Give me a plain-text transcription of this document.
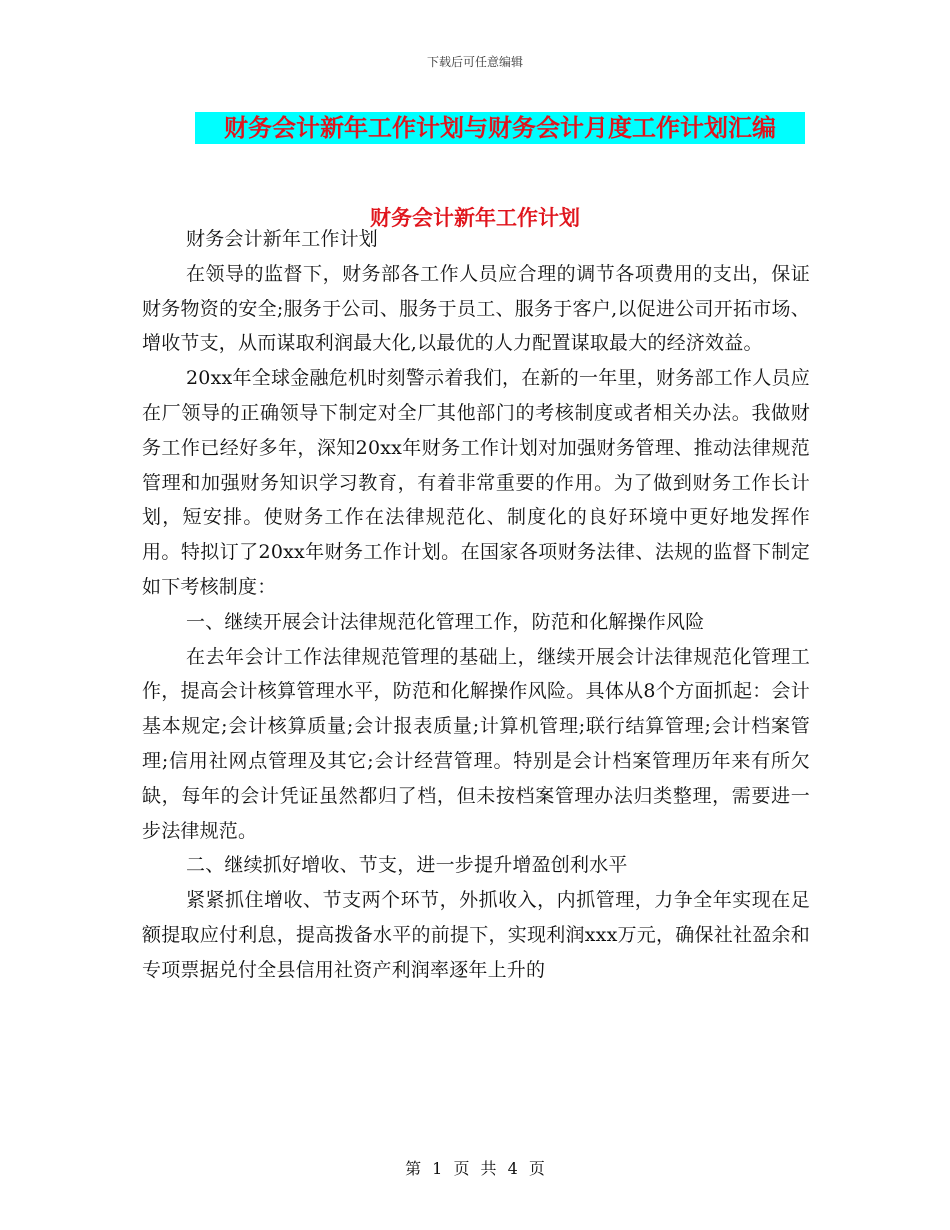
下载后可任意编辑
财务会计新年工作计划与财务会计月度工作计划汇编
财务会计新年工作计划

财务会计新年工作计划

在领导的监督下，财务部各工作人员应合理的调节各项费用的支出，保证财务物资的安全;服务于公司、服务于员工、服务于客户,以促进公司开拓市场、增收节支，从而谋取利润最大化,以最优的人力配置谋取最大的经济效益。

20xx年全球金融危机时刻警示着我们，在新的一年里，财务部工作人员应在厂领导的正确领导下制定对全厂其他部门的考核制度或者相关办法。我做财务工作已经好多年，深知20xx年财务工作计划对加强财务管理、推动法律规范管理和加强财务知识学习教育，有着非常重要的作用。为了做到财务工作长计划，短安排。使财务工作在法律规范化、制度化的良好环境中更好地发挥作用。特拟订了20xx年财务工作计划。在国家各项财务法律、法规的监督下制定如下考核制度：

一、继续开展会计法律规范化管理工作，防范和化解操作风险

在去年会计工作法律规范管理的基础上，继续开展会计法律规范化管理工作，提高会计核算管理水平，防范和化解操作风险。具体从8个方面抓起：会计基本规定;会计核算质量;会计报表质量;计算机管理;联行结算管理;会计档案管理;信用社网点管理及其它;会计经营管理。特别是会计档案管理历年来有所欠缺，每年的会计凭证虽然都归了档，但未按档案管理办法归类整理，需要进一步法律规范。

二、继续抓好增收、节支，进一步提升增盈创利水平

紧紧抓住增收、节支两个环节，外抓收入，内抓管理，力争全年实现在足额提取应付利息，提高拨备水平的前提下，实现利润xxx万元，确保社社盈余和专项票据兑付全县信用社资产利润率逐年上升的

第 1 页 共 4 页
